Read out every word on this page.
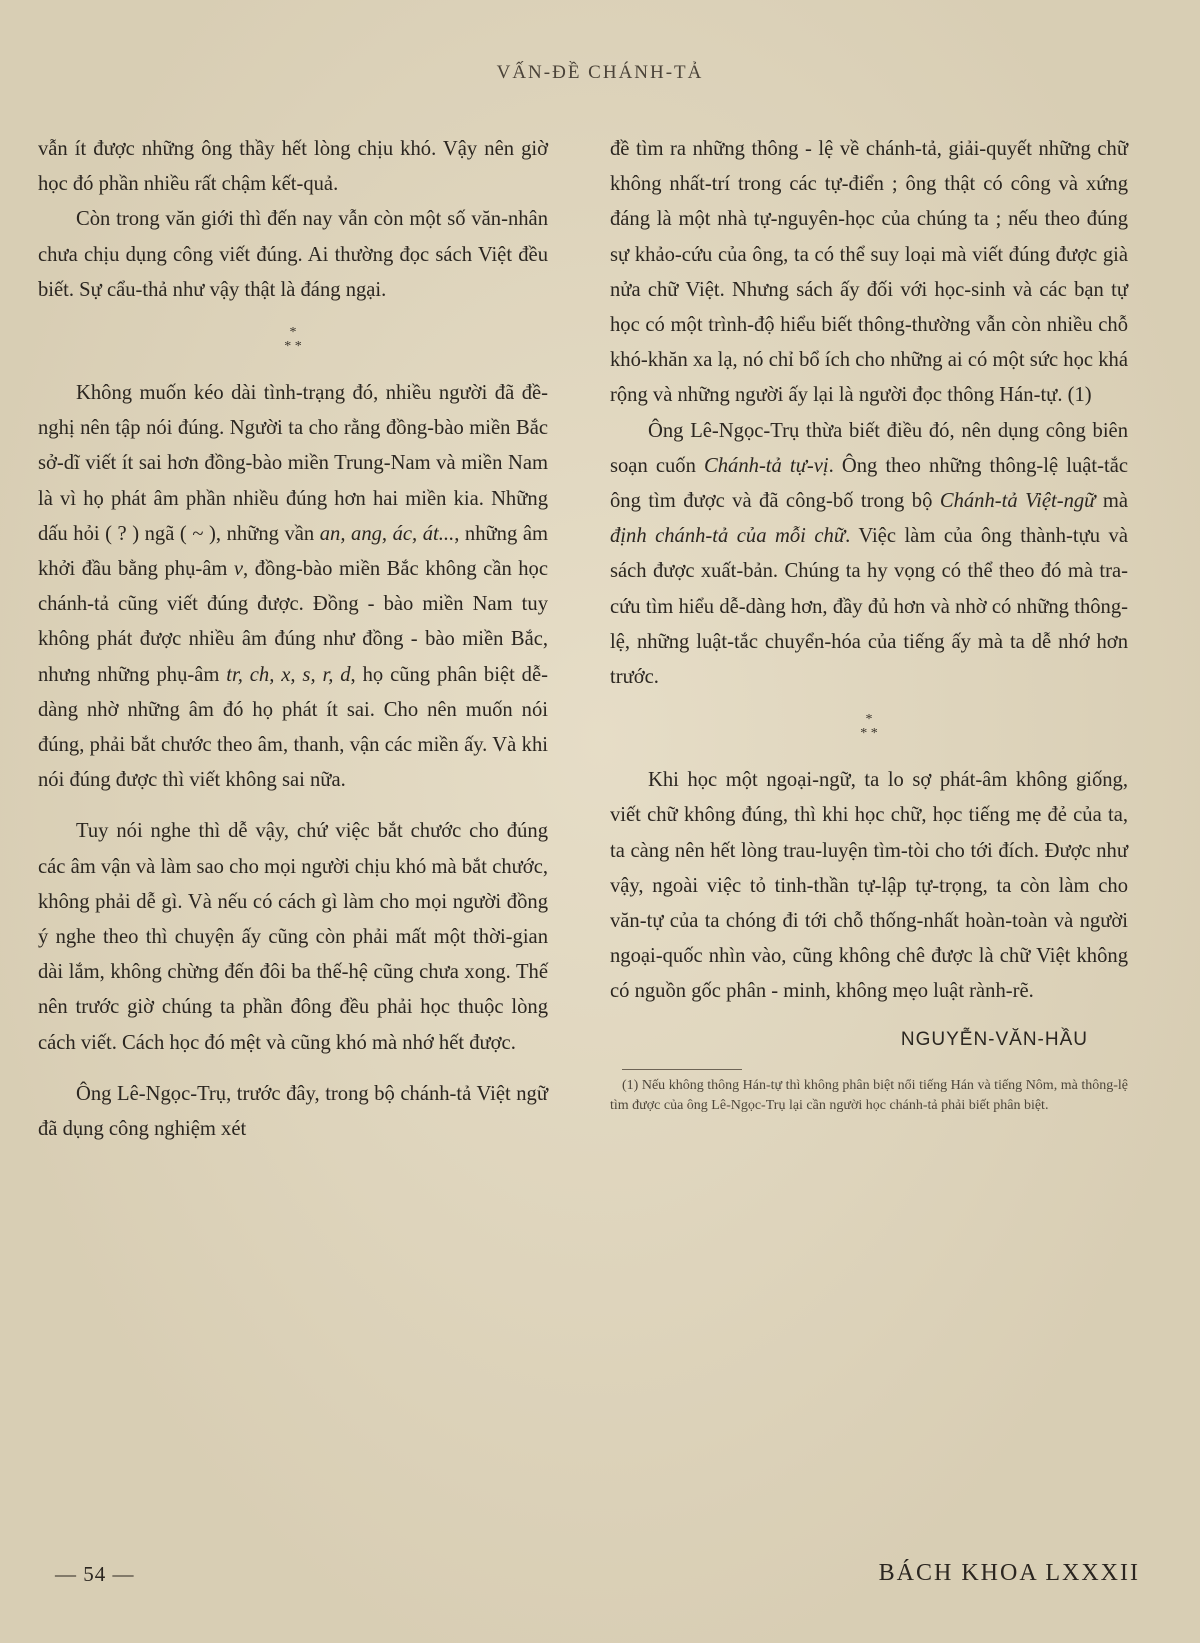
VẤN-ĐỀ CHÁNH-TẢ

vẫn ít được những ông thầy hết lòng chịu khó. Vậy nên giờ học đó phần nhiều rất chậm kết-quả.

Còn trong văn giới thì đến nay vẫn còn một số văn-nhân chưa chịu dụng công viết đúng. Ai thường đọc sách Việt đều biết. Sự cẩu-thả như vậy thật là đáng ngại.

*
* *

Không muốn kéo dài tình-trạng đó, nhiều người đã đề-nghị nên tập nói đúng. Người ta cho rằng đồng-bào miền Bắc sở-dĩ viết ít sai hơn đồng-bào miền Trung-Nam và miền Nam là vì họ phát âm phần nhiều đúng hơn hai miền kia. Những dấu hỏi ( ? ) ngã ( ~ ), những vần an, ang, ác, át..., những âm khởi đầu bằng phụ-âm v, đồng-bào miền Bắc không cần học chánh-tả cũng viết đúng được. Đồng - bào miền Nam tuy không phát được nhiều âm đúng như đồng - bào miền Bắc, nhưng những phụ-âm tr, ch, x, s, r, d, họ cũng phân biệt dễ-dàng nhờ những âm đó họ phát ít sai. Cho nên muốn nói đúng, phải bắt chước theo âm, thanh, vận các miền ấy. Và khi nói đúng được thì viết không sai nữa.

Tuy nói nghe thì dễ vậy, chứ việc bắt chước cho đúng các âm vận và làm sao cho mọi người chịu khó mà bắt chước, không phải dễ gì. Và nếu có cách gì làm cho mọi người đồng ý nghe theo thì chuyện ấy cũng còn phải mất một thời-gian dài lắm, không chừng đến đôi ba thế-hệ cũng chưa xong. Thế nên trước giờ chúng ta phần đông đều phải học thuộc lòng cách viết. Cách học đó mệt và cũng khó mà nhớ hết được.

Ông Lê-Ngọc-Trụ, trước đây, trong bộ chánh-tả Việt ngữ đã dụng công nghiệm xét

đề tìm ra những thông - lệ về chánh-tả, giải-quyết những chữ không nhất-trí trong các tự-điển ; ông thật có công và xứng đáng là một nhà tự-nguyên-học của chúng ta ; nếu theo đúng sự khảo-cứu của ông, ta có thể suy loại mà viết đúng được già nửa chữ Việt. Nhưng sách ấy đối với học-sinh và các bạn tự học có một trình-độ hiểu biết thông-thường vẫn còn nhiều chỗ khó-khăn xa lạ, nó chỉ bổ ích cho những ai có một sức học khá rộng và những người ấy lại là người đọc thông Hán-tự. (1)

Ông Lê-Ngọc-Trụ thừa biết điều đó, nên dụng công biên soạn cuốn Chánh-tả tự-vị. Ông theo những thông-lệ luật-tắc ông tìm được và đã công-bố trong bộ Chánh-tả Việt-ngữ mà định chánh-tả của mỗi chữ. Việc làm của ông thành-tựu và sách được xuất-bản. Chúng ta hy vọng có thể theo đó mà tra-cứu tìm hiểu dễ-dàng hơn, đầy đủ hơn và nhờ có những thông-lệ, những luật-tắc chuyển-hóa của tiếng ấy mà ta dễ nhớ hơn trước.

*
* *

Khi học một ngoại-ngữ, ta lo sợ phát-âm không giống, viết chữ không đúng, thì khi học chữ, học tiếng mẹ đẻ của ta, ta càng nên hết lòng trau-luyện tìm-tòi cho tới đích. Được như vậy, ngoài việc tỏ tinh-thần tự-lập tự-trọng, ta còn làm cho văn-tự của ta chóng đi tới chỗ thống-nhất hoàn-toàn và người ngoại-quốc nhìn vào, cũng không chê được là chữ Việt không có nguồn gốc phân - minh, không mẹo luật rành-rẽ.

NGUYỄN-VĂN-HẦU

(1) Nếu không thông Hán-tự thì không phân biệt nổi tiếng Hán và tiếng Nôm, mà thông-lệ tìm được của ông Lê-Ngọc-Trụ lại cần người học chánh-tả phải biết phân biệt.

— 54 —	BÁCH KHOA LXXXII
